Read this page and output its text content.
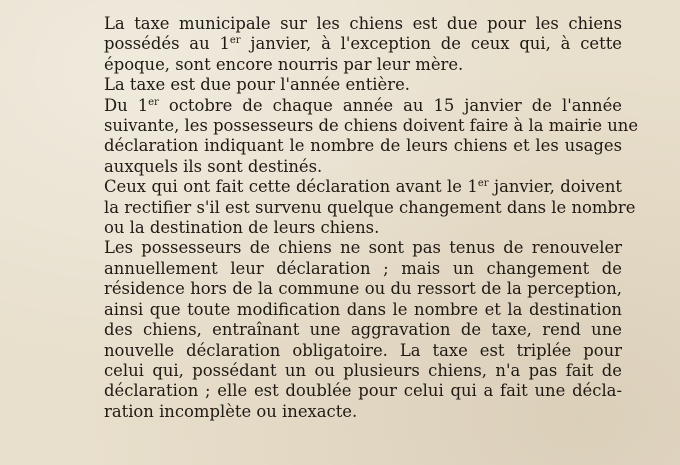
La taxe municipale sur les chiens est due pour les chiens
possédés au 1er janvier, à l'exception de ceux qui, à cette
époque, sont encore nourris par leur mère.

La taxe est due pour l'année entière.

Du 1er octobre de chaque année au 15 janvier de l'année
suivante, les possesseurs de chiens doivent faire à la mairie une
déclaration indiquant le nombre de leurs chiens et les usages
auxquels ils sont destinés.

Ceux qui ont fait cette déclaration avant le 1er janvier, doivent
la rectifier s'il est survenu quelque changement dans le nombre
ou la destination de leurs chiens.

Les possesseurs de chiens ne sont pas tenus de renouveler
annuellement leur déclaration ; mais un changement de
résidence hors de la commune ou du ressort de la perception,
ainsi que toute modification dans le nombre et la destination
des chiens, entraînant une aggravation de taxe, rend une
nouvelle déclaration obligatoire. La taxe est triplée pour
celui qui, possédant un ou plusieurs chiens, n'a pas fait de
déclaration ; elle est doublée pour celui qui a fait une décla-
ration incomplète ou inexacte.
